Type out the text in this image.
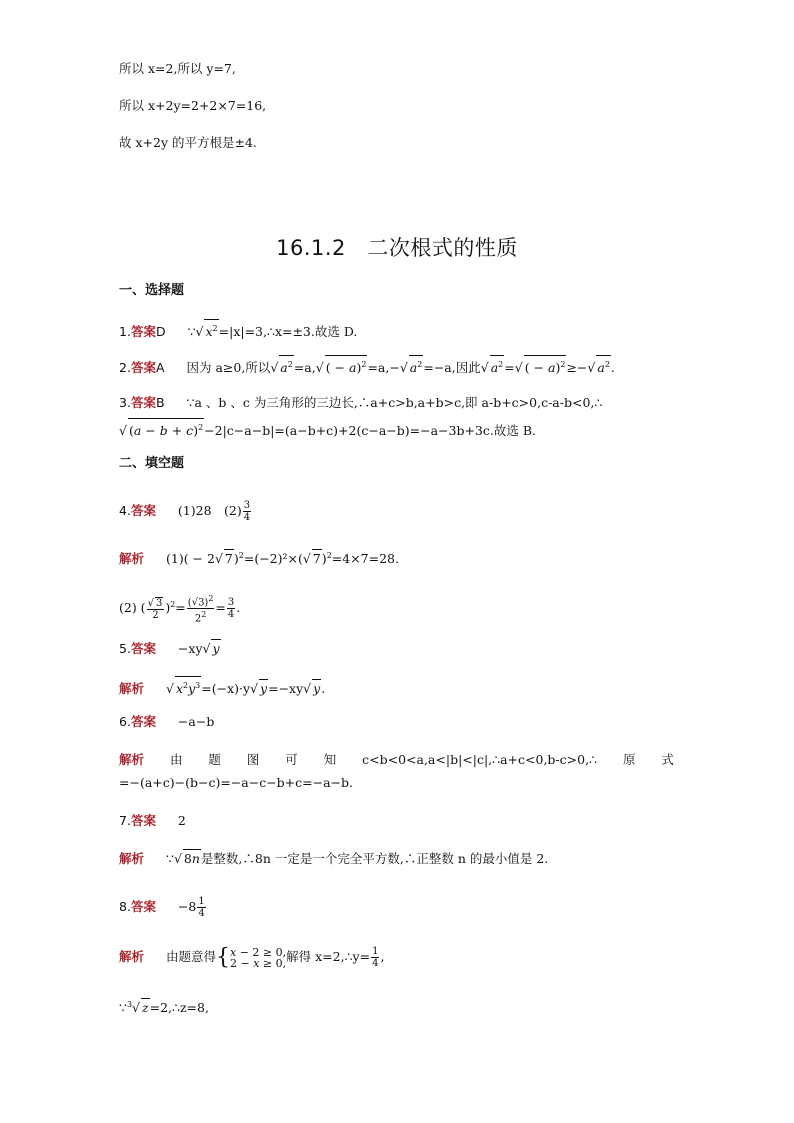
所以 x=2,所以 y=7,
所以 x+2y=2+2×7=16,
故 x+2y 的平方根是±4.
16.1.2　二次根式的性质
一、选择题
1.答案D ∵√ $x^2=|x|=3,\therefore x=\pm 3$.故选 D.
2.答案A 因为 a≥0,所以√ $a^2=a,√$ ( − a)$^2$=a,−√ $a^2=-a$,因此√ $a^2=√$ ( − a)$^2$≥−√ $a^2$.
3.答案B ∵a 、b 、c 为三角形的三边长,∴a+c>b,a+b>c,即 a-b+c>0,c-a-b<0,∴
√ $(a - b + c)^2-2|c-a-b|=(a-b+c)+2(c-a-b)=-a-3b+3c$.故选 B.
二、填空题
4.答案 (1)28　$(2) \frac{3}{4}$
解析 (1)( − 2√ 7)$^2$=(−2)²×(√ 7)$^2$=4×7=28.
(2) (
√ $\frac{3}{2} )^2= \frac{(√ 3)^2}{2^2} = \frac{3}{4}$ .
5.答案 −xy√ y
解析  √	$x^2y^3=(-x)\cdot y√$ y=−xy√ y.
6.答案 −a−b
解析 由 题 图 可 知 c<b<0<a,a<|b|<|c|,∴a+c<0,b-c>0,∴ 原 式
=−(a+c)−(b−c)=−a−c−b+c=−a−b.
7.答案 2
解析 ∵√ 8n是整数,∴8n 一定是一个完全平方数,∴正整数 n 的最小值是 2.
8.答案 $-8 \frac{1}{4}$
解析 由题意得{x − 2 ≥ 0,
2 − x ≥ 0,解得 x=2,∴y= $\frac{1}{4}$ ,
∵$^3$√ z=2,∴z=8,
